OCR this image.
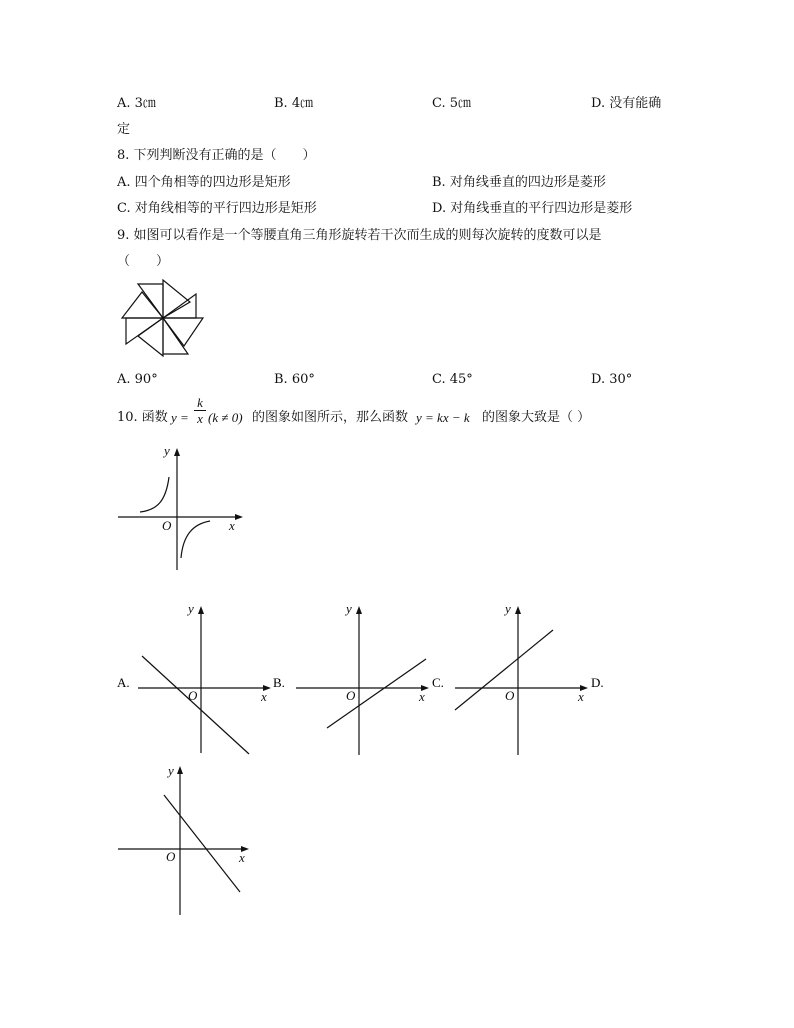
A. 3㎝	B. 4㎝	C. 5㎝	D. 没有能确
定
8. 下列判断没有正确的是（　　）
A. 四个角相等的四边形是矩形	B. 对角线垂直的四边形是菱形
C. 对角线相等的平行四边形是矩形	D. 对角线垂直的平行四边形是菱形
9. 如图可以看作是一个等腰直角三角形旋转若干次而生成的则每次旋转的度数可以是
（　　）
A. 90°	B. 60°	C. 45°	D. 30°
10. 函数 $y = \frac{k}{x} (k \ne 0)$ 的图象如图所示，那么函数 y = kx − k 的图象大致是（ ）
y
x
O
y
x
O
A.
y
x
O
B.
y
x
O
C.	D.
y
x
O
